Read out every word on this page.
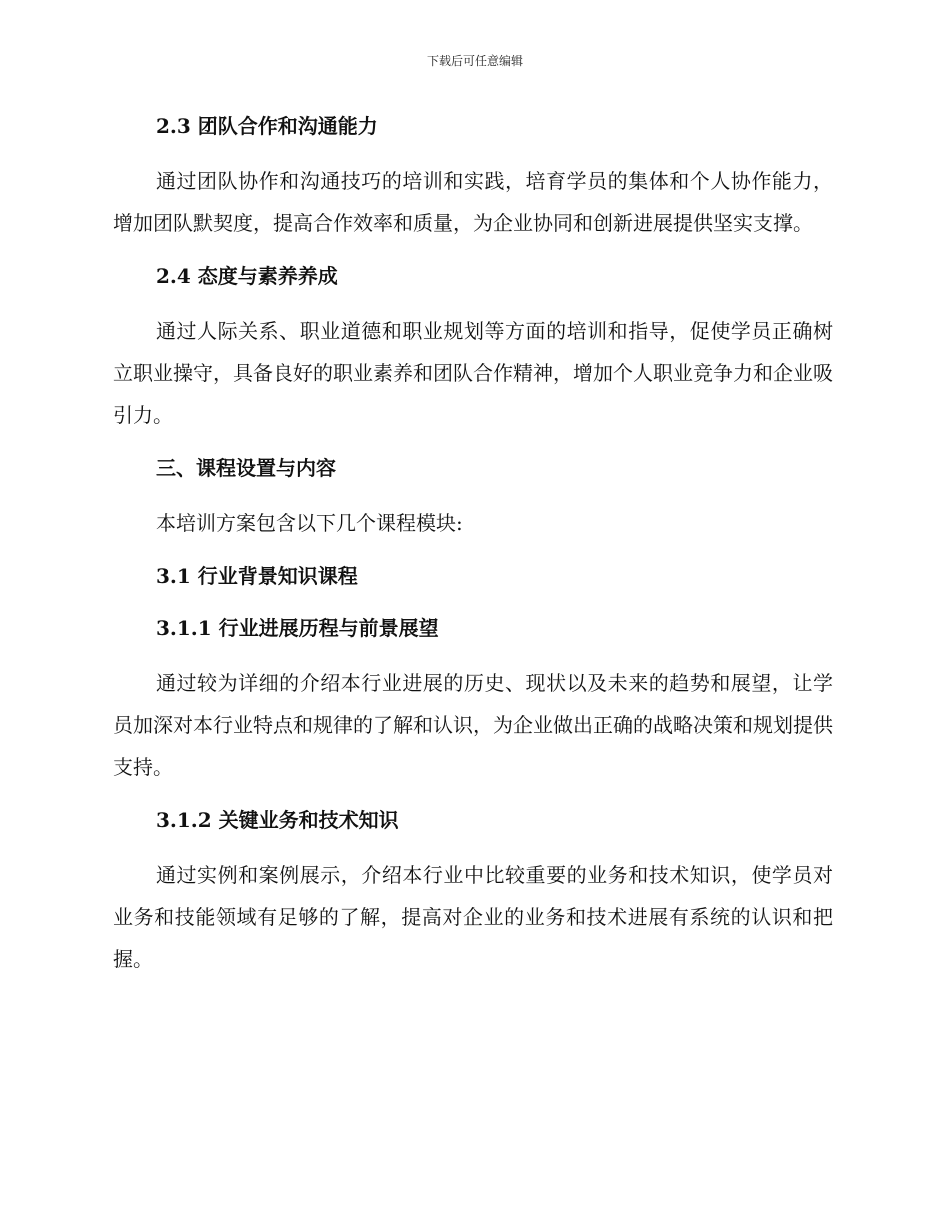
下载后可任意编辑
2.3 团队合作和沟通能力

通过团队协作和沟通技巧的培训和实践，培育学员的集体和个人协作能力，增加团队默契度，提高合作效率和质量，为企业协同和创新进展提供坚实支撑。

2.4 态度与素养养成

通过人际关系、职业道德和职业规划等方面的培训和指导，促使学员正确树立职业操守，具备良好的职业素养和团队合作精神，增加个人职业竞争力和企业吸引力。

三、课程设置与内容

本培训方案包含以下几个课程模块:

3.1 行业背景知识课程
3.1.1 行业进展历程与前景展望

通过较为详细的介绍本行业进展的历史、现状以及未来的趋势和展望，让学员加深对本行业特点和规律的了解和认识，为企业做出正确的战略决策和规划提供支持。

3.1.2 关键业务和技术知识

通过实例和案例展示，介绍本行业中比较重要的业务和技术知识，使学员对业务和技能领域有足够的了解，提高对企业的业务和技术进展有系统的认识和把握。
